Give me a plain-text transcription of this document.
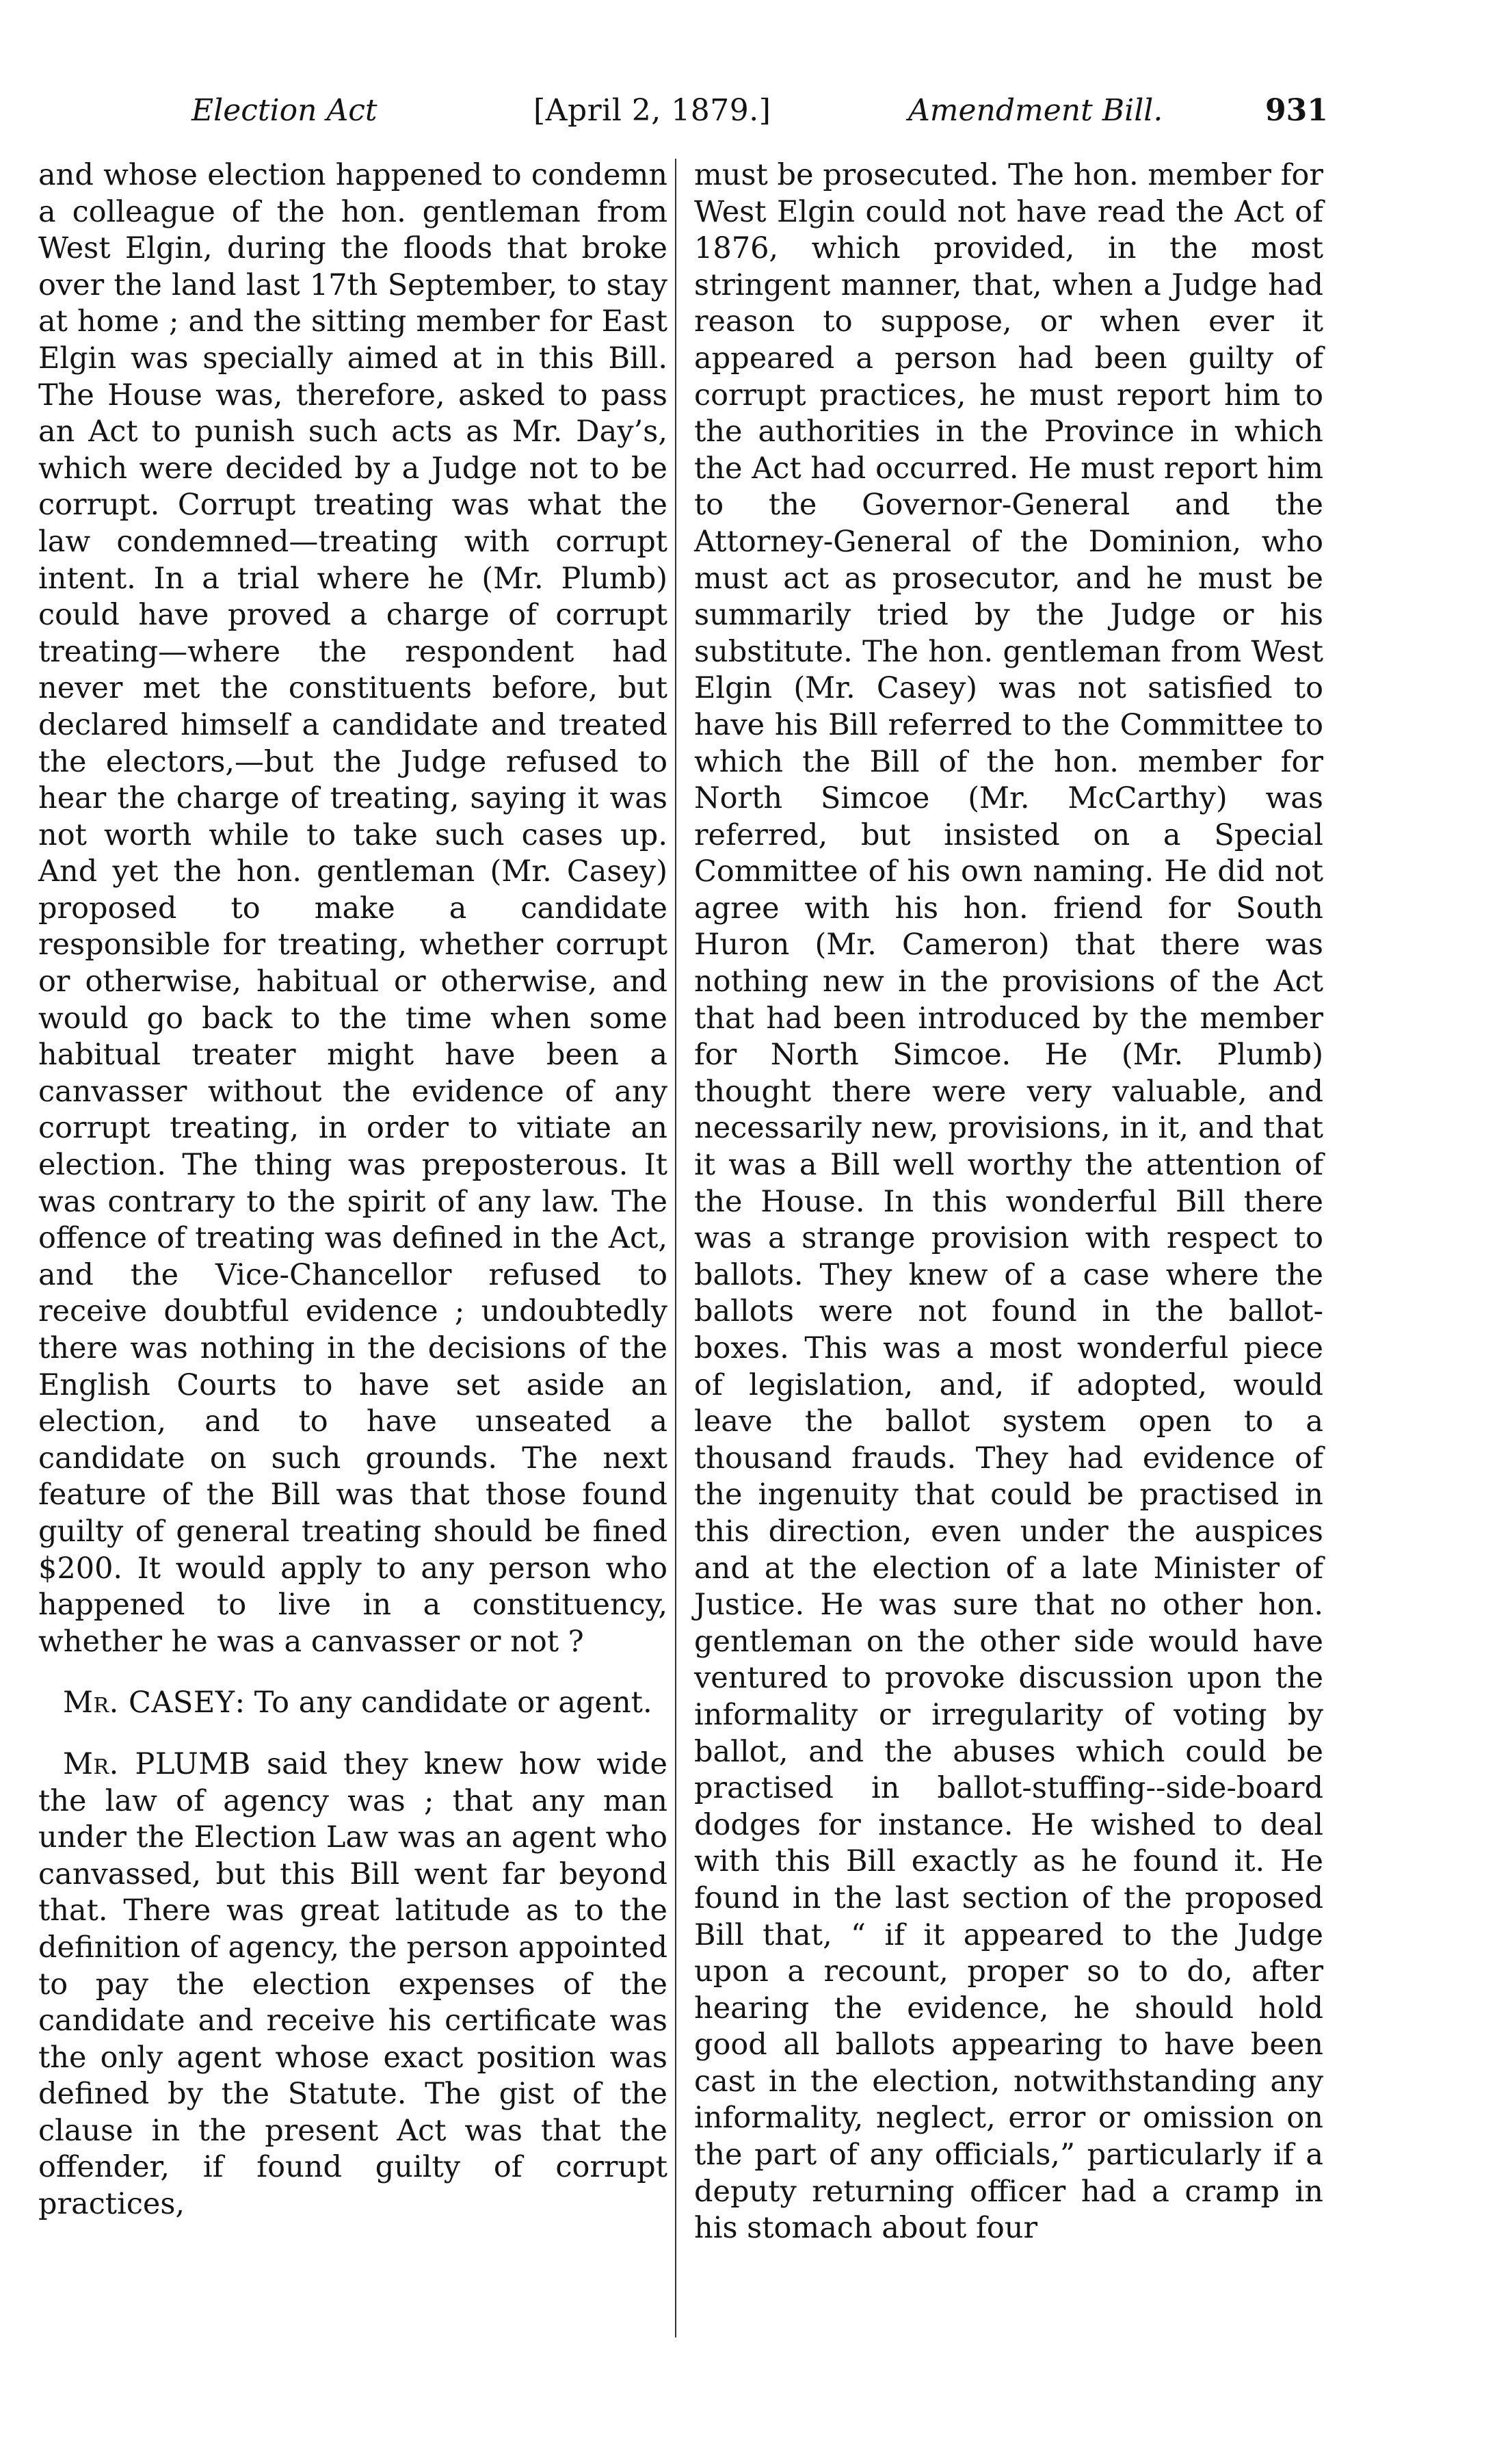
Election Act	[April 2, 1879.]	Amendment Bill.	931

and whose election happened to condemn a colleague of the hon. gentleman from West Elgin, during the floods that broke over the land last 17th September, to stay at home ; and the sitting member for East Elgin was specially aimed at in this Bill. The House was, therefore, asked to pass an Act to punish such acts as Mr. Day’s, which were decided by a Judge not to be corrupt. Corrupt treating was what the law condemned—treating with corrupt intent. In a trial where he (Mr. Plumb) could have proved a charge of corrupt treating—where the respondent had never met the constituents before, but declared himself a candidate and treated the electors,—but the Judge refused to hear the charge of treating, saying it was not worth while to take such cases up. And yet the hon. gentleman (Mr. Casey) proposed to make a candidate responsible for treating, whether corrupt or otherwise, habitual or otherwise, and would go back to the time when some habitual treater might have been a canvasser without the evidence of any corrupt treating, in order to vitiate an election. The thing was preposterous. It was contrary to the spirit of any law. The offence of treating was defined in the Act, and the Vice-Chancellor refused to receive doubtful evidence ; undoubtedly there was nothing in the decisions of the English Courts to have set aside an election, and to have unseated a candidate on such grounds. The next feature of the Bill was that those found guilty of general treating should be fined $200. It would apply to any person who happened to live in a constituency, whether he was a canvasser or not ?

Mr. CASEY: To any candidate or agent.

Mr. PLUMB said they knew how wide the law of agency was ; that any man under the Election Law was an agent who canvassed, but this Bill went far beyond that. There was great latitude as to the definition of agency, the person appointed to pay the election expenses of the candidate and receive his certificate was the only agent whose exact position was defined by the Statute. The gist of the clause in the present Act was that the offender, if found guilty of corrupt practices,

must be prosecuted. The hon. member for West Elgin could not have read the Act of 1876, which provided, in the most stringent manner, that, when a Judge had reason to suppose, or when ever it appeared a person had been guilty of corrupt practices, he must report him to the authorities in the Province in which the Act had occurred. He must report him to the Governor-General and the Attorney-General of the Dominion, who must act as prosecutor, and he must be summarily tried by the Judge or his substitute. The hon. gentleman from West Elgin (Mr. Casey) was not satisfied to have his Bill referred to the Committee to which the Bill of the hon. member for North Simcoe (Mr. McCarthy) was referred, but insisted on a Special Committee of his own naming. He did not agree with his hon. friend for South Huron (Mr. Cameron) that there was nothing new in the provisions of the Act that had been introduced by the member for North Simcoe. He (Mr. Plumb) thought there were very valuable, and necessarily new, provisions, in it, and that it was a Bill well worthy the attention of the House. In this wonderful Bill there was a strange provision with respect to ballots. They knew of a case where the ballots were not found in the ballot-boxes. This was a most wonderful piece of legislation, and, if adopted, would leave the ballot system open to a thousand frauds. They had evidence of the ingenuity that could be practised in this direction, even under the auspices and at the election of a late Minister of Justice. He was sure that no other hon. gentleman on the other side would have ventured to provoke discussion upon the informality or irregularity of voting by ballot, and the abuses which could be practised in ballot-stuffing--side-board dodges for instance. He wished to deal with this Bill exactly as he found it. He found in the last section of the proposed Bill that, “ if it appeared to the Judge upon a recount, proper so to do, after hearing the evidence, he should hold good all ballots appearing to have been cast in the election, notwithstanding any informality, neglect, error or omission on the part of any officials,” particularly if a deputy returning officer had a cramp in his stomach about four
